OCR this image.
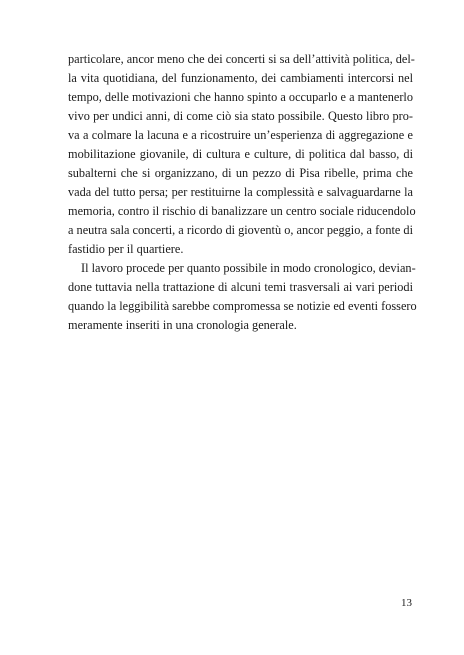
particolare, ancor meno che dei concerti si sa dell’attività politica, del-
la vita quotidiana, del funzionamento, dei cambiamenti intercorsi nel
tempo, delle motivazioni che hanno spinto a occuparlo e a mantenerlo
vivo per undici anni, di come ciò sia stato possibile. Questo libro pro-
va a colmare la lacuna e a ricostruire un’esperienza di aggregazione e
mobilitazione giovanile, di cultura e culture, di politica dal basso, di
subalterni che si organizzano, di un pezzo di Pisa ribelle, prima che
vada del tutto persa; per restituirne la complessità e salvaguardarne la
memoria, contro il rischio di banalizzare un centro sociale riducendolo
a neutra sala concerti, a ricordo di gioventù o, ancor peggio, a fonte di
fastidio per il quartiere.

Il lavoro procede per quanto possibile in modo cronologico, devian-
done tuttavia nella trattazione di alcuni temi trasversali ai vari periodi
quando la leggibilità sarebbe compromessa se notizie ed eventi fossero
meramente inseriti in una cronologia generale.

13
